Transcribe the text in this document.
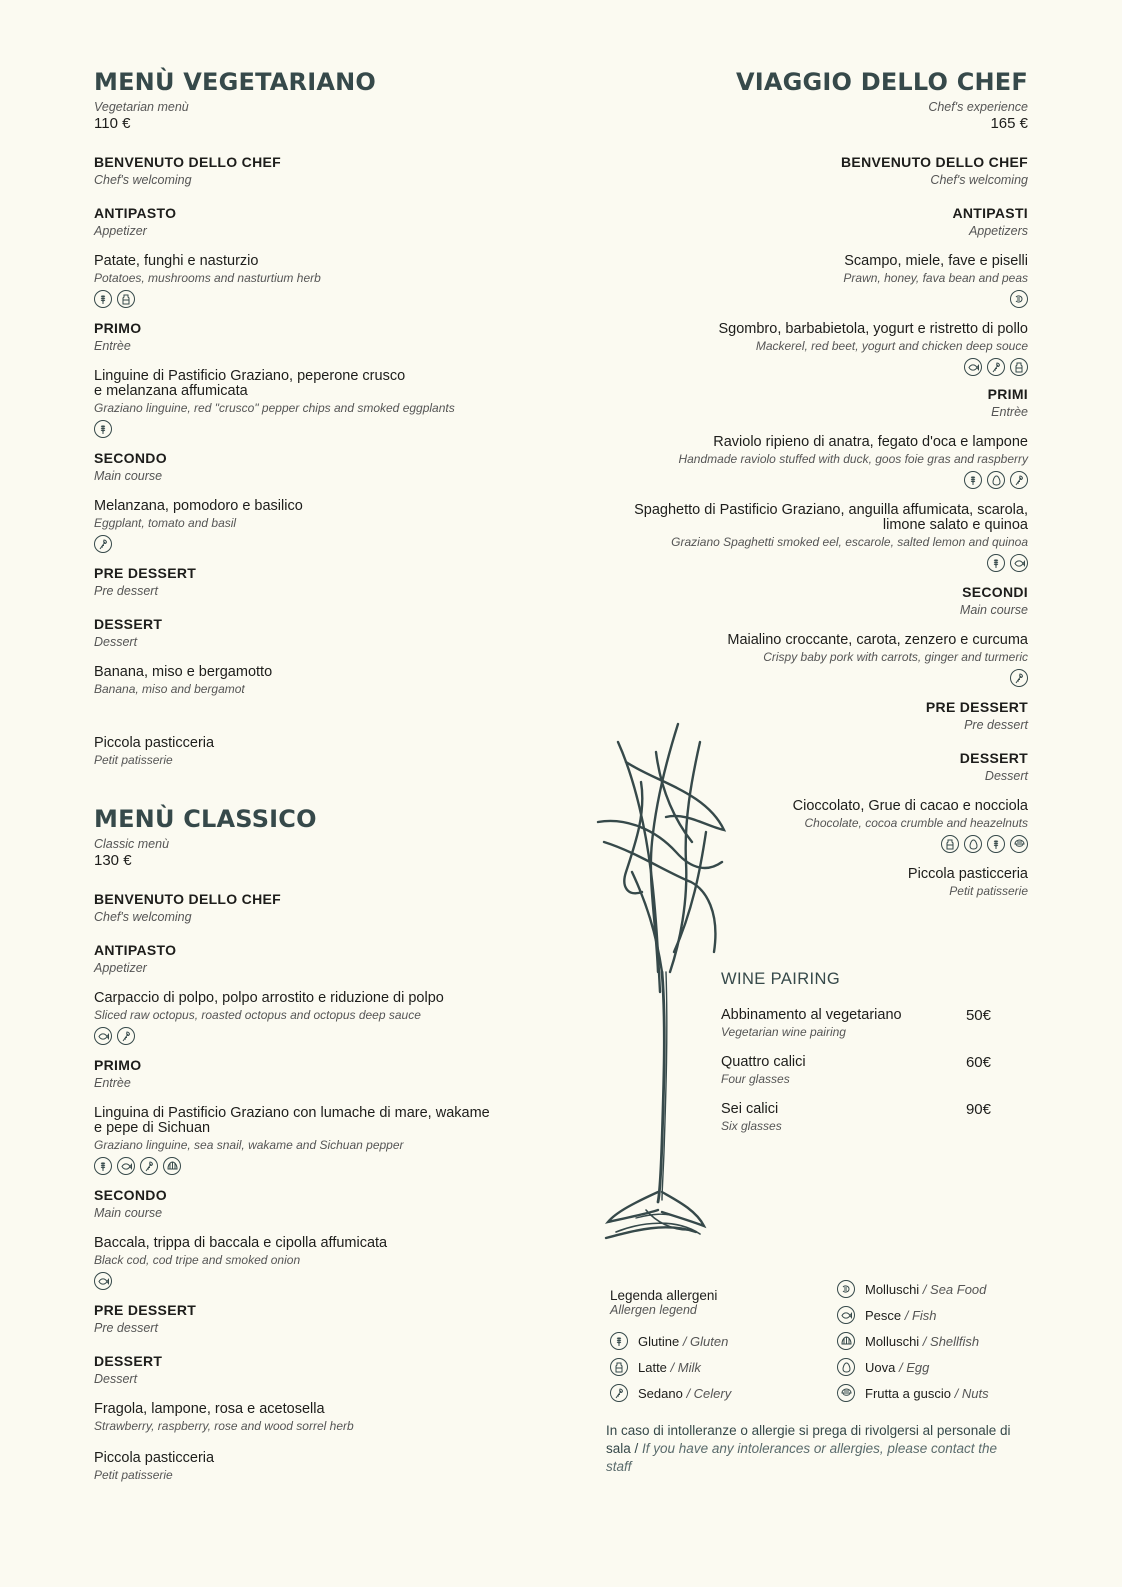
MENÙ VEGETARIANO
Vegetarian menù
110 €
BENVENUTO DELLO CHEF
Chef's welcoming
ANTIPASTO
Appetizer
Patate, funghi e nasturzio
Potatoes, mushrooms and nasturtium herb
PRIMO
Entrèe
Linguine di Pastificio Graziano, peperone crusco
e melanzana affumicata
Graziano linguine, red "crusco" pepper chips and smoked eggplants
SECONDO
Main course
Melanzana, pomodoro e basilico
Eggplant, tomato and basil
PRE DESSERT
Pre dessert
DESSERT
Dessert
Banana, miso e bergamotto
Banana, miso and bergamot
Piccola pasticceria
Petit patisserie
MENÙ CLASSICO
Classic menù
130 €
BENVENUTO DELLO CHEF
Chef's welcoming
ANTIPASTO
Appetizer
Carpaccio di polpo, polpo arrostito e riduzione di polpo
Sliced raw octopus, roasted octopus and octopus deep sauce
PRIMO
Entrèe
Linguina di Pastificio Graziano con lumache di mare, wakame
e pepe di Sichuan
Graziano linguine, sea snail, wakame and Sichuan pepper
SECONDO
Main course
Baccala, trippa di baccala e cipolla affumicata
Black cod, cod tripe and smoked onion
PRE DESSERT
Pre dessert
DESSERT
Dessert
Fragola, lampone, rosa e acetosella
Strawberry, raspberry, rose and wood sorrel herb
Piccola pasticceria
Petit patisserie
VIAGGIO DELLO CHEF
Chef's experience
165 €
BENVENUTO DELLO CHEF
Chef's welcoming
ANTIPASTI
Appetizers
Scampo, miele, fave e piselli
Prawn, honey, fava bean and peas
Sgombro, barbabietola, yogurt e ristretto di pollo
Mackerel, red beet, yogurt and chicken deep souce
PRIMI
Entrèe
Raviolo ripieno di anatra, fegato d'oca e lampone
Handmade raviolo stuffed with duck, goos foie gras and raspberry
Spaghetto di Pastificio Graziano, anguilla affumicata, scarola,
limone salato e quinoa
Graziano Spaghetti smoked eel, escarole, salted lemon and quinoa
SECONDI
Main course
Maialino croccante, carota, zenzero e curcuma
Crispy baby pork with carrots, ginger and turmeric
PRE DESSERT
Pre dessert
DESSERT
Dessert
Cioccolato, Grue di cacao e nocciola
Chocolate, cocoa crumble and heazelnuts
Piccola pasticceria
Petit patisserie
WINE PAIRING
Abbinamento al vegetariano
Vegetarian wine pairing
50€
Quattro calici
Four glasses
60€
Sei calici
Six glasses
90€
Legenda allergeni
Allergen legend
Glutine / Gluten
Latte / Milk
Sedano / Celery
Molluschi / Sea Food
Pesce / Fish
Molluschi / Shellfish
Uova / Egg
Frutta a guscio / Nuts
In caso di intolleranze o allergie si prega di rivolgersi al personale di sala / If you have any intolerances or allergies, please contact the staff
